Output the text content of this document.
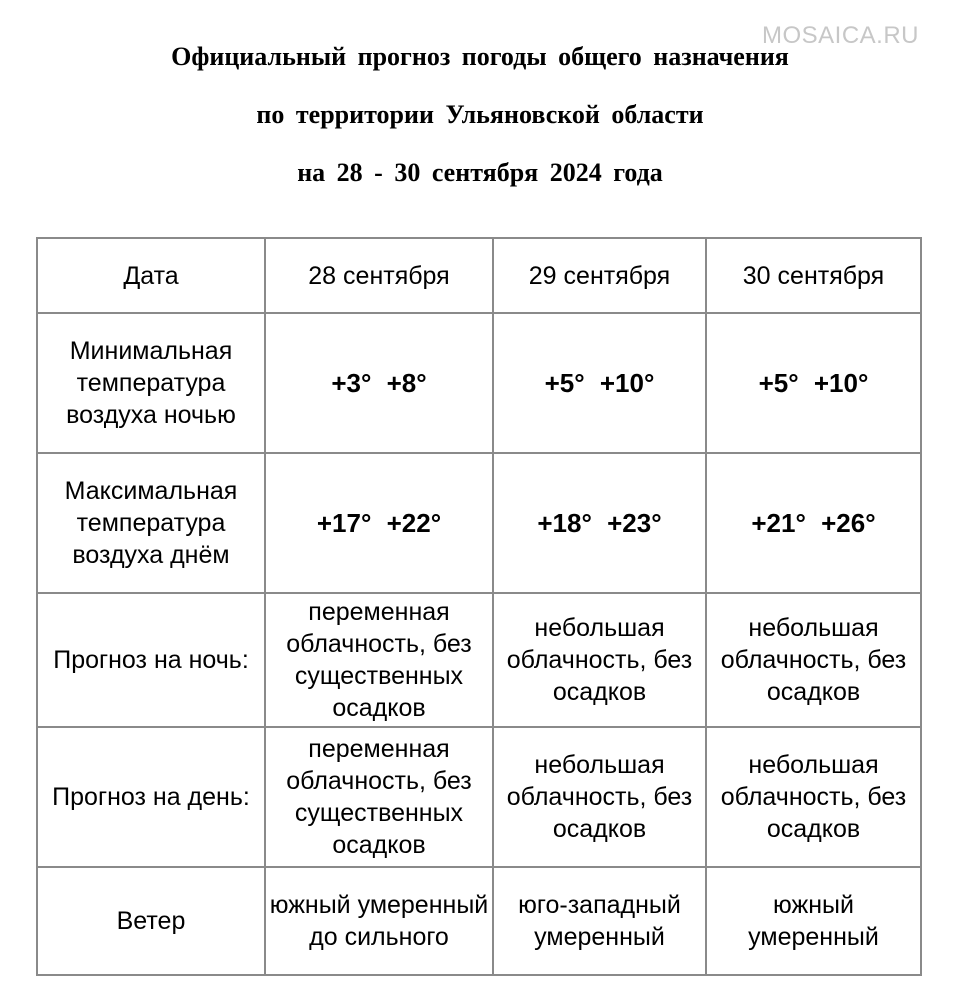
MOSAICA.RU
Официальный прогноз погоды общего назначения
по территории Ульяновской области
на 28 - 30 сентября 2024 года
Дата	28 сентября	29 сентября	30 сентября
Минимальная температура воздуха ночью	+3° +8°	+5° +10°	+5° +10°
Максимальная температура воздуха днём	+17° +22°	+18° +23°	+21° +26°
Прогноз на ночь:	переменная облачность, без существенных осадков	небольшая облачность, без осадков	небольшая облачность, без осадков
Прогноз на день:	переменная облачность, без существенных осадков	небольшая облачность, без осадков	небольшая облачность, без осадков
Ветер	южный умеренный до сильного	юго-западный умеренный	южный умеренный
